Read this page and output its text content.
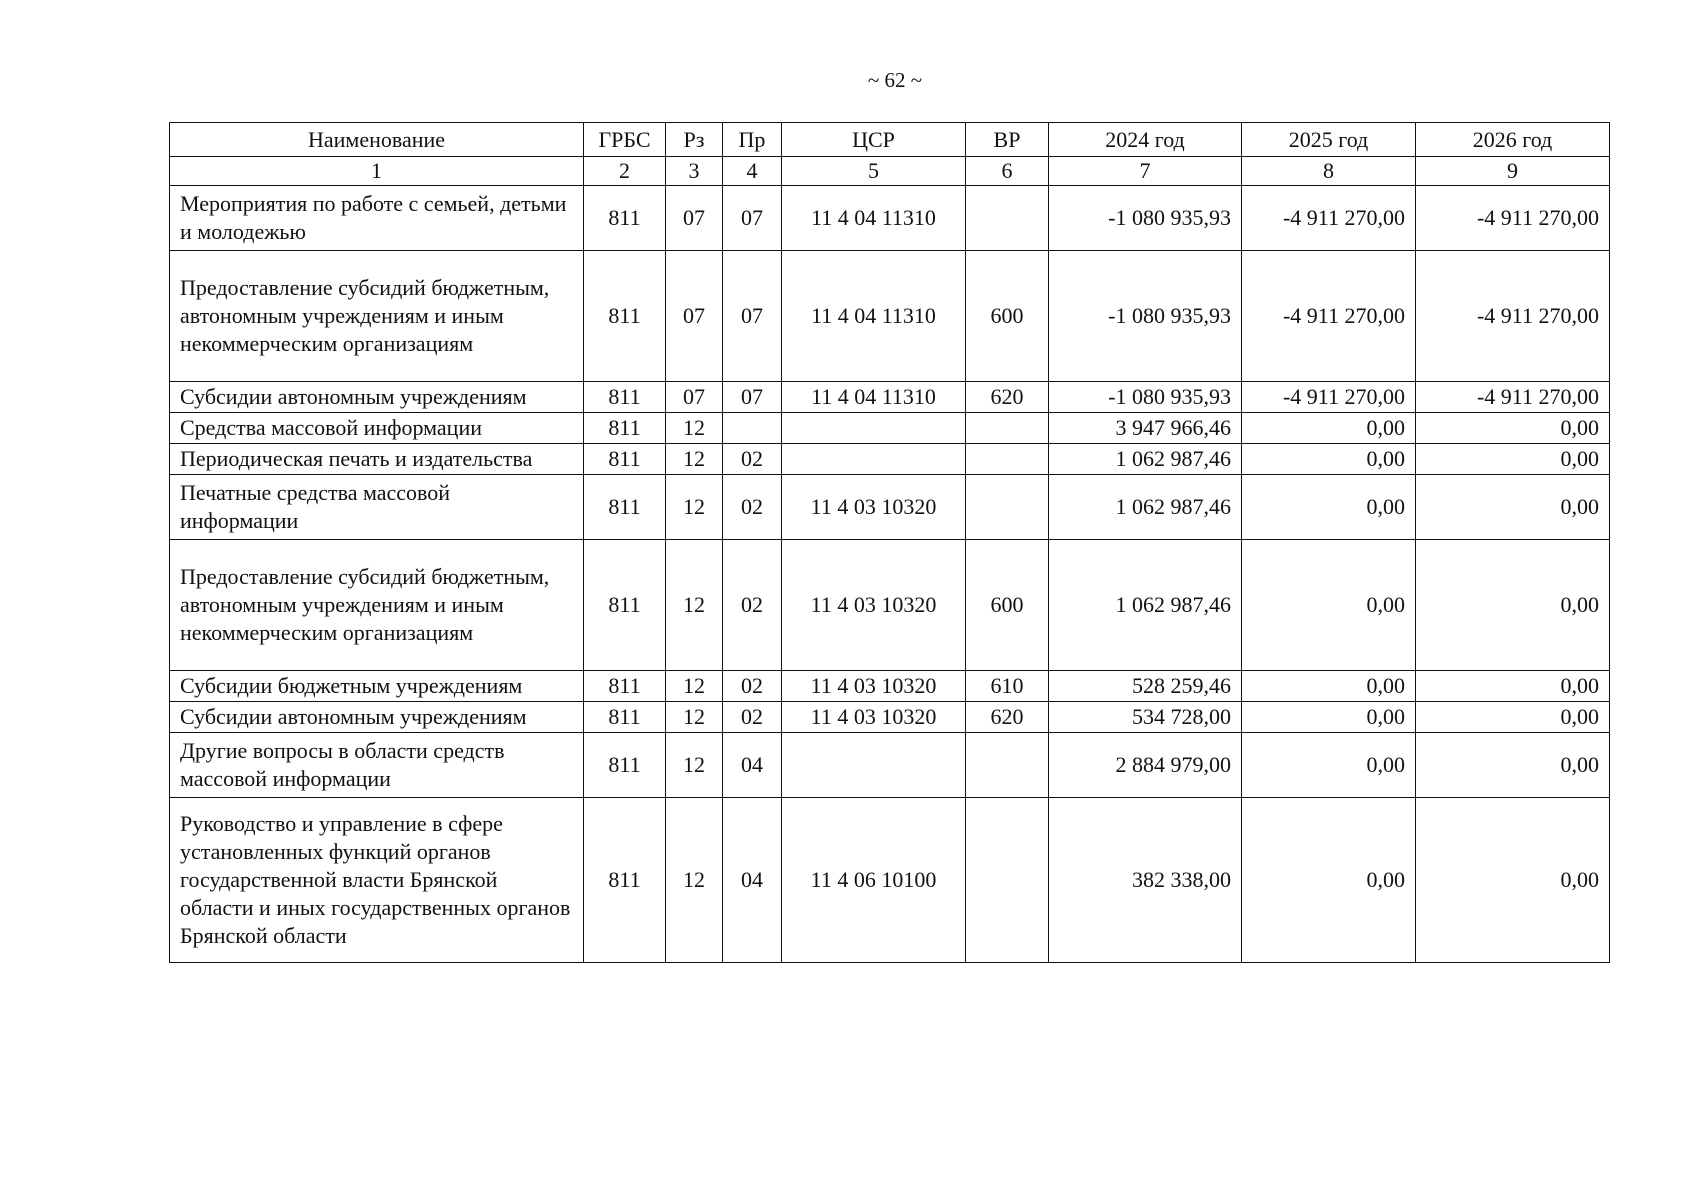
~ 62 ~
Наименование	ГРБС	Рз	Пр	ЦСР	ВР	2024 год	2025 год	2026 год
1	2	3	4	5	6	7	8	9
Мероприятия по работе с семьей, детьми и молодежью	811	07	07	11 4 04 11310		-1 080 935,93	-4 911 270,00	-4 911 270,00
Предоставление субсидий бюджетным, автономным учреждениям и иным некоммерческим организациям	811	07	07	11 4 04 11310	600	-1 080 935,93	-4 911 270,00	-4 911 270,00
Субсидии автономным учреждениям	811	07	07	11 4 04 11310	620	-1 080 935,93	-4 911 270,00	-4 911 270,00
Средства массовой информации	811	12				3 947 966,46	0,00	0,00
Периодическая печать и издательства	811	12	02			1 062 987,46	0,00	0,00
Печатные средства массовой информации	811	12	02	11 4 03 10320		1 062 987,46	0,00	0,00
Предоставление субсидий бюджетным, автономным учреждениям и иным некоммерческим организациям	811	12	02	11 4 03 10320	600	1 062 987,46	0,00	0,00
Субсидии бюджетным учреждениям	811	12	02	11 4 03 10320	610	528 259,46	0,00	0,00
Субсидии автономным учреждениям	811	12	02	11 4 03 10320	620	534 728,00	0,00	0,00
Другие вопросы в области средств массовой информации	811	12	04			2 884 979,00	0,00	0,00
Руководство и управление в сфере установленных функций органов государственной власти Брянской области и иных государственных органов Брянской области	811	12	04	11 4 06 10100		382 338,00	0,00	0,00
